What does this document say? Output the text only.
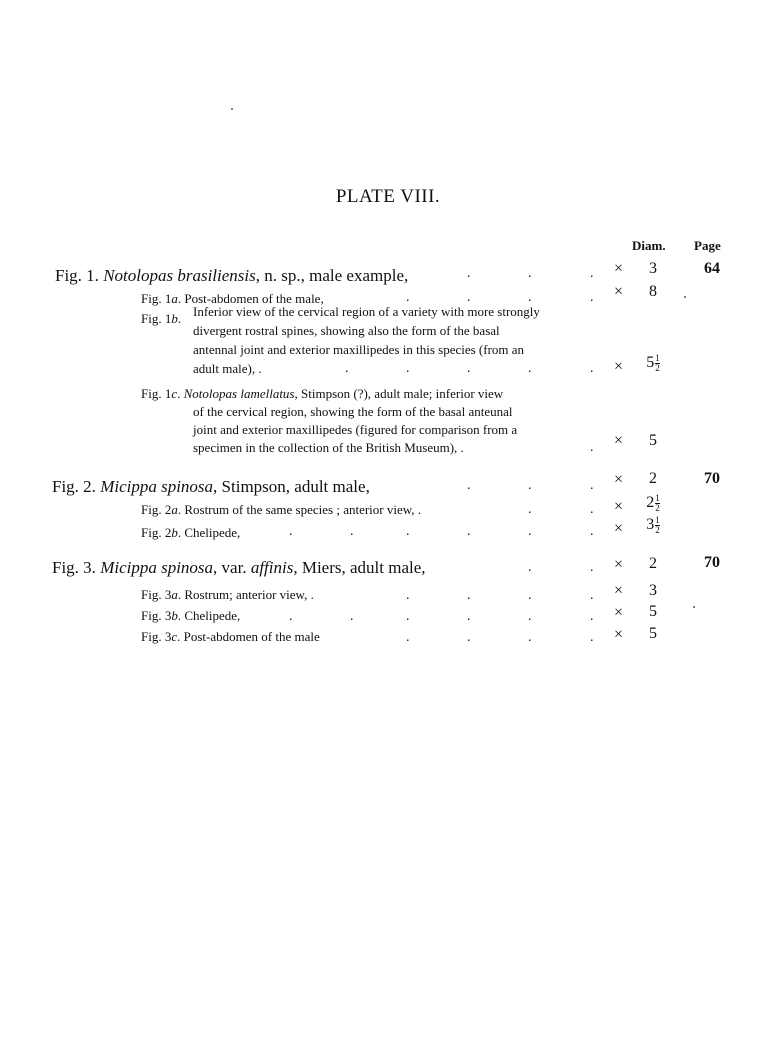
PLATE VIII.
Diam. Page
Fig. 1. Notolopas brasiliensis, n. sp., male example,	.	.	. ×	3	64
Fig. 1a. Post-abdomen of the male,	.	.	.	. ×	8
Fig. 1b. Inferior view of the cervical region of a variety with more strongly
divergent rostral spines, showing also the form of the basal
antennal joint and exterior maxillipedes in this species (from an
adult male), .	.	.	.	.	. ×	$5 \frac{1}{2}$
Fig. 1c. Notolopas lamellatus, Stimpson (?), adult male; inferior view
of the cervical region, showing the form of the basal anteunal
joint and exterior maxillipedes (figured for comparison from a
specimen in the collection of the British Museum), .	. ×	5
Fig. 2. Micippa spinosa, Stimpson, adult male,	.	.	. ×	2	70
Fig. 2a. Rostrum of the same species ; anterior view, .	.	. ×	$2 \frac{1}{2}$
Fig. 2b. Chelipede,	.	.	.	.	.	. ×	$3 \frac{1}{2}$
Fig. 3. Micippa spinosa, var. affinis, Miers, adult male,	.	. ×	2	70
Fig. 3a. Rostrum; anterior view, .	.	.	.	. ×	3
Fig. 3b. Chelipede,	.	.	.	.	.	. ×	5
Fig. 3c. Post-abdomen of the male	.	.	.	. ×	5
